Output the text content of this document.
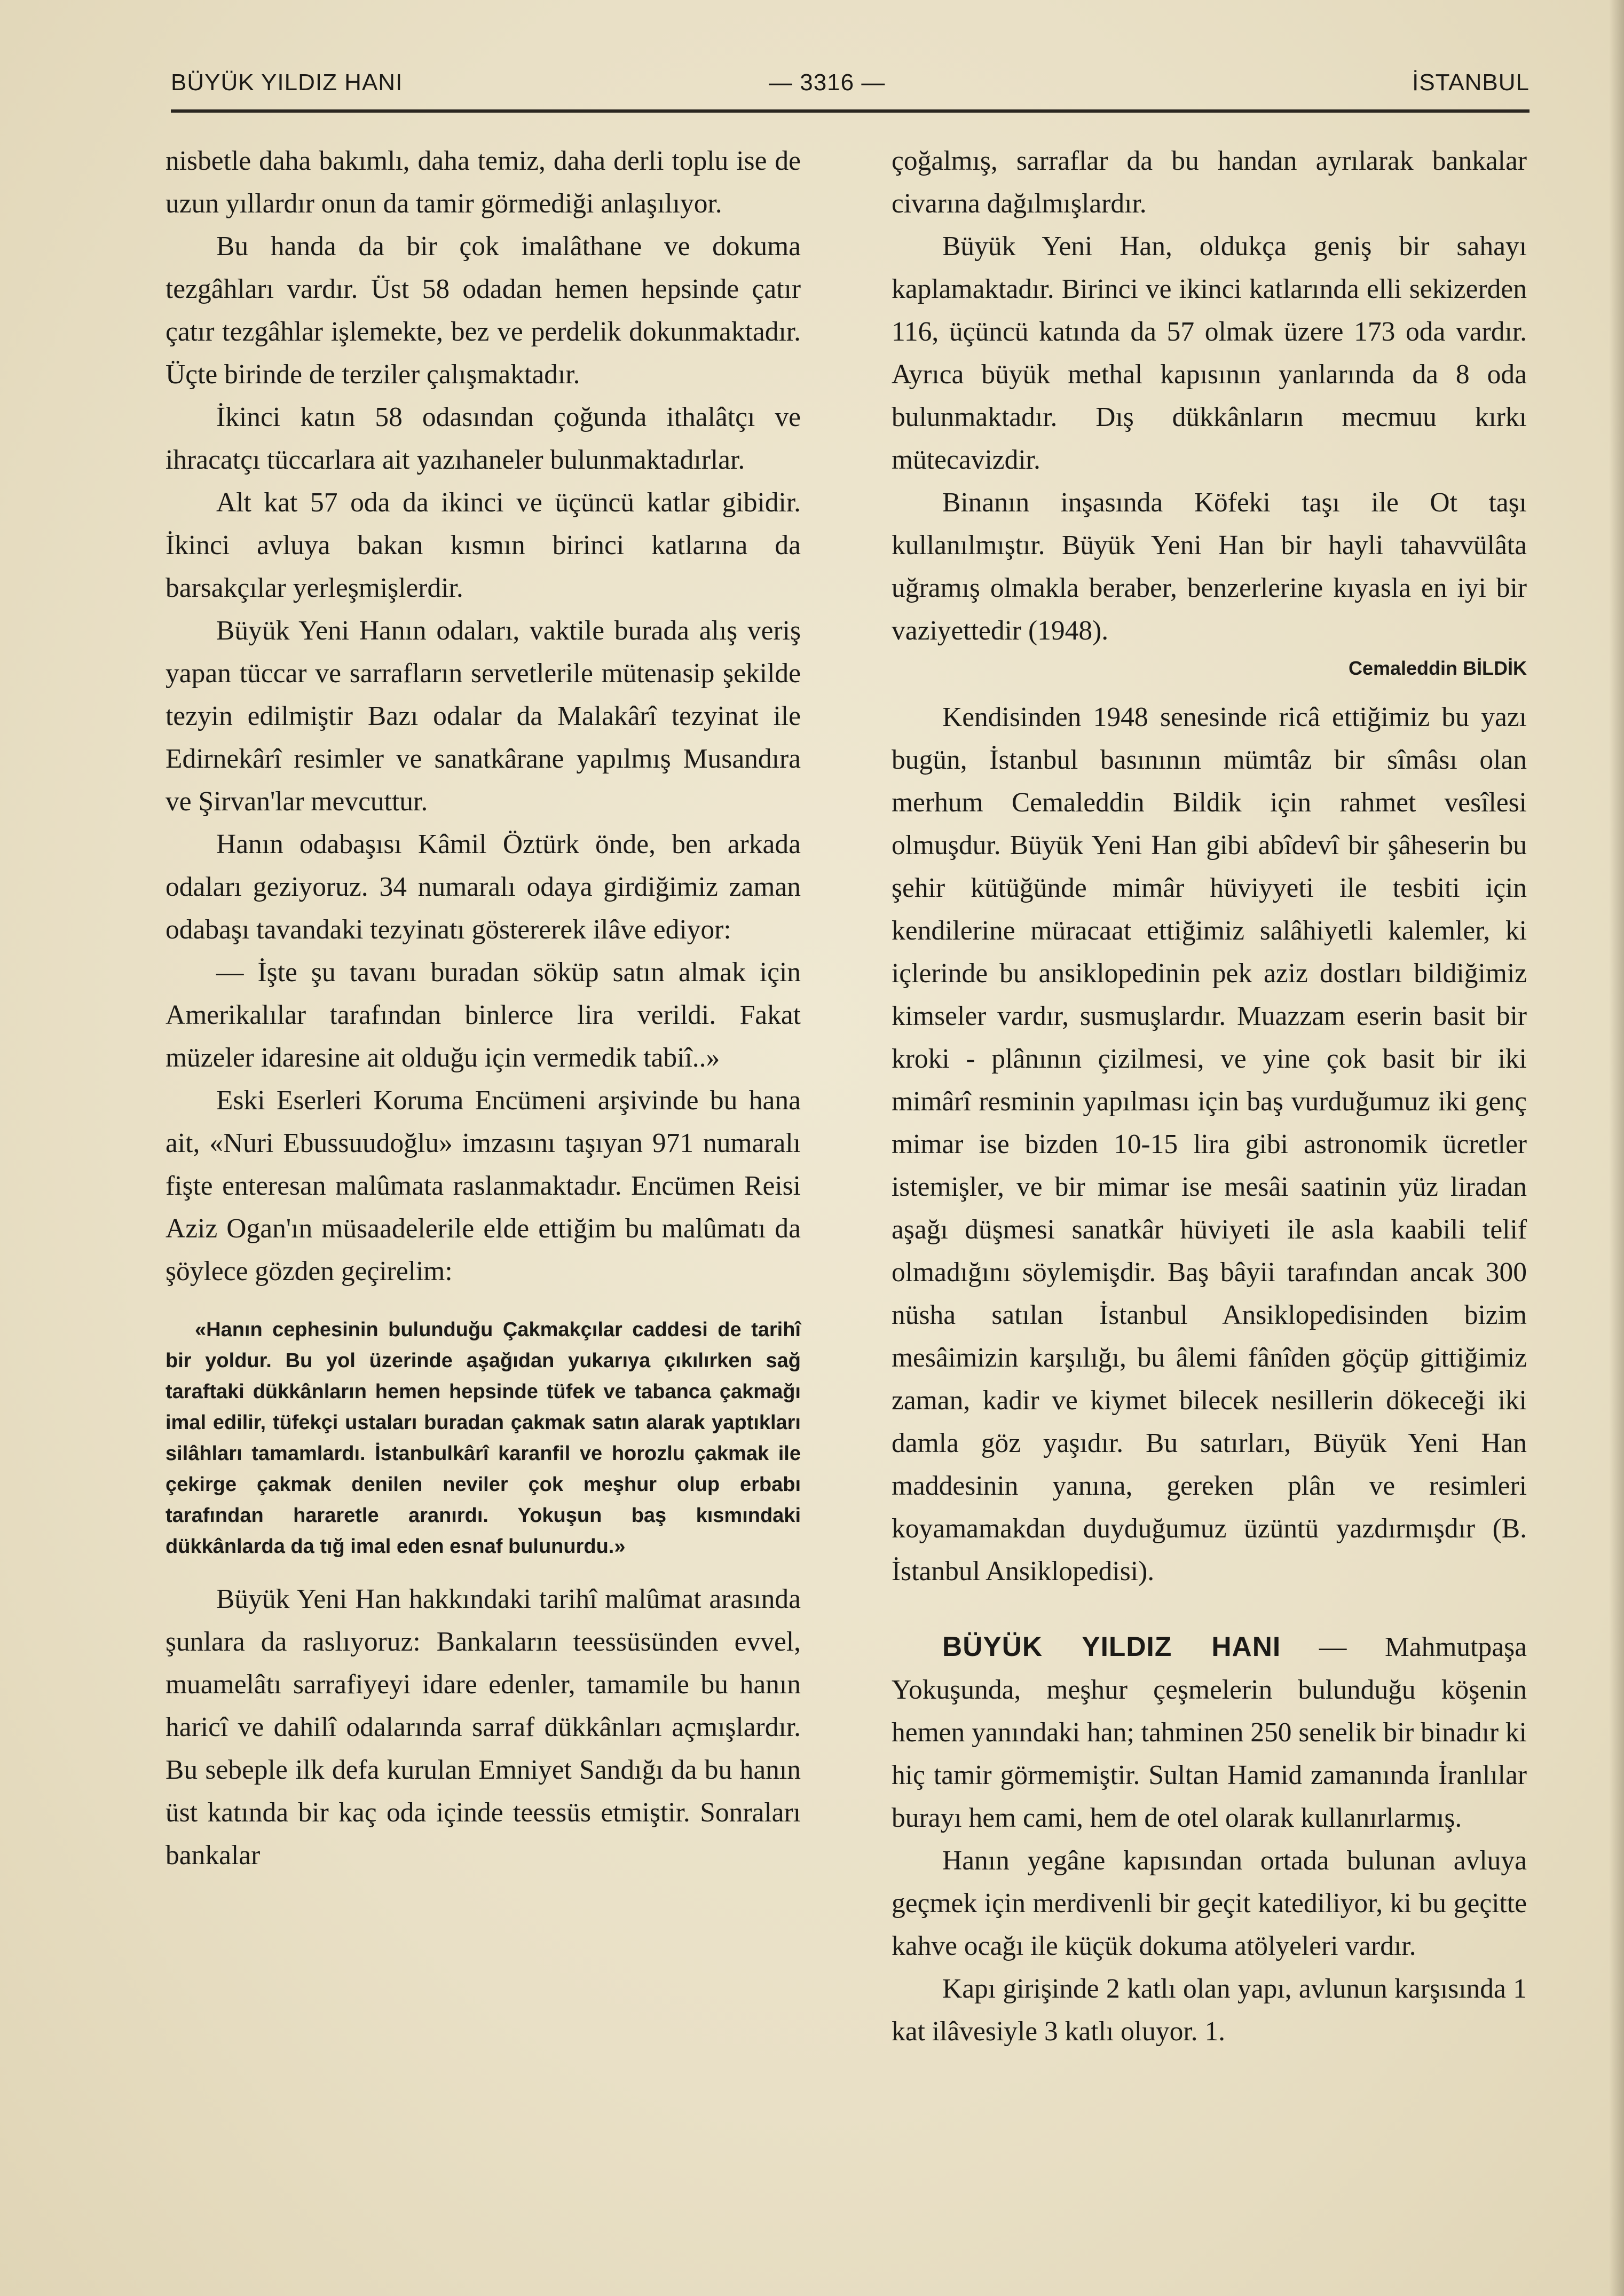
BÜYÜK YILDIZ HANI	— 3316 —	İSTANBUL

nisbetle daha bakımlı, daha temiz, daha derli toplu ise de uzun yıllardır onun da tamir görmediği anlaşılıyor.

Bu handa da bir çok imalâthane ve dokuma tezgâhları vardır. Üst 58 odadan hemen hepsinde çatır çatır tezgâhlar işlemekte, bez ve perdelik dokunmaktadır. Üçte birinde de terziler çalışmaktadır.

İkinci katın 58 odasından çoğunda ithalâtçı ve ihracatçı tüccarlara ait yazıhaneler bulunmaktadırlar.

Alt kat 57 oda da ikinci ve üçüncü katlar gibidir. İkinci avluya bakan kısmın birinci katlarına da barsakçılar yerleşmişlerdir.

Büyük Yeni Hanın odaları, vaktile burada alış veriş yapan tüccar ve sarrafların servetlerile mütenasip şekilde tezyin edilmiştir Bazı odalar da Malakârî tezyinat ile Edirnekârî resimler ve sanatkârane yapılmış Musandıra ve Şirvan'lar mevcuttur.

Hanın odabaşısı Kâmil Öztürk önde, ben arkada odaları geziyoruz. 34 numaralı odaya girdiğimiz zaman odabaşı tavandaki tezyinatı göstererek ilâve ediyor:

— İşte şu tavanı buradan söküp satın almak için Amerikalılar tarafından binlerce lira verildi. Fakat müzeler idaresine ait olduğu için vermedik tabiî..»

Eski Eserleri Koruma Encümeni arşivinde bu hana ait, «Nuri Ebussuudoğlu» imzasını taşıyan 971 numaralı fişte enteresan malûmata raslanmaktadır. Encümen Reisi Aziz Ogan'ın müsaadelerile elde ettiğim bu malûmatı da şöylece gözden geçirelim:

«Hanın cephesinin bulunduğu Çakmakçılar caddesi de tarihî bir yoldur. Bu yol üzerinde aşağıdan yukarıya çıkılırken sağ taraftaki dükkânların hemen hepsinde tüfek ve tabanca çakmağı imal edilir, tüfekçi ustaları buradan çakmak satın alarak yaptıkları silâhları tamamlardı. İstanbulkârî karanfil ve horozlu çakmak ile çekirge çakmak denilen neviler çok meşhur olup erbabı tarafından hararetle aranırdı. Yokuşun baş kısmındaki dükkânlarda da tığ imal eden esnaf bulunurdu.»

Büyük Yeni Han hakkındaki tarihî malûmat arasında şunlara da raslıyoruz: Bankaların teessüsünden evvel, muamelâtı sarrafiyeyi idare edenler, tamamile bu hanın haricî ve dahilî odalarında sarraf dükkânları açmışlardır. Bu sebeple ilk defa kurulan Emniyet Sandığı da bu hanın üst katında bir kaç oda içinde teessüs etmiştir. Sonraları bankalar

çoğalmış, sarraflar da bu handan ayrılarak bankalar civarına dağılmışlardır.

Büyük Yeni Han, oldukça geniş bir sahayı kaplamaktadır. Birinci ve ikinci katlarında elli sekizerden 116, üçüncü katında da 57 olmak üzere 173 oda vardır. Ayrıca büyük methal kapısının yanlarında da 8 oda bulunmaktadır. Dış dükkânların mecmuu kırkı mütecavizdir.

Binanın inşasında Köfeki taşı ile Ot taşı kullanılmıştır. Büyük Yeni Han bir hayli tahavvülâta uğramış olmakla beraber, benzerlerine kıyasla en iyi bir vaziyettedir (1948).

Cemaleddin BİLDİK

Kendisinden 1948 senesinde ricâ ettiğimiz bu yazı bugün, İstanbul basınının mümtâz bir sîmâsı olan merhum Cemaleddin Bildik için rahmet vesîlesi olmuşdur. Büyük Yeni Han gibi abîdevî bir şâheserin bu şehir kütüğünde mimâr hüviyyeti ile tesbiti için kendilerine müracaat ettiğimiz salâhiyetli kalemler, ki içlerinde bu ansiklopedinin pek aziz dostları bildiğimiz kimseler vardır, susmuşlardır. Muazzam eserin basit bir kroki - plânının çizilmesi, ve yine çok basit bir iki mimârî resminin yapılması için baş vurduğumuz iki genç mimar ise bizden 10-15 lira gibi astronomik ücretler istemişler, ve bir mimar ise mesâi saatinin yüz liradan aşağı düşmesi sanatkâr hüviyeti ile asla kaabili telif olmadığını söylemişdir. Baş bâyii tarafından ancak 300 nüsha satılan İstanbul Ansiklopedisinden bizim mesâimizin karşılığı, bu âlemi fânîden göçüp gittiğimiz zaman, kadir ve kiymet bilecek nesillerin dökeceği iki damla göz yaşıdır. Bu satırları, Büyük Yeni Han maddesinin yanına, gereken plân ve resimleri koyamamakdan duyduğumuz üzüntü yazdırmışdır (B. İstanbul Ansiklopedisi).

BÜYÜK YILDIZ HANI — Mahmutpaşa Yokuşunda, meşhur çeşmelerin bulunduğu köşenin hemen yanındaki han; tahminen 250 senelik bir binadır ki hiç tamir görmemiştir. Sultan Hamid zamanında İranlılar burayı hem cami, hem de otel olarak kullanırlarmış.

Hanın yegâne kapısından ortada bulunan avluya geçmek için merdivenli bir geçit katediliyor, ki bu geçitte kahve ocağı ile küçük dokuma atölyeleri vardır.

Kapı girişinde 2 katlı olan yapı, avlunun karşısında 1 kat ilâvesiyle 3 katlı oluyor. 1.
